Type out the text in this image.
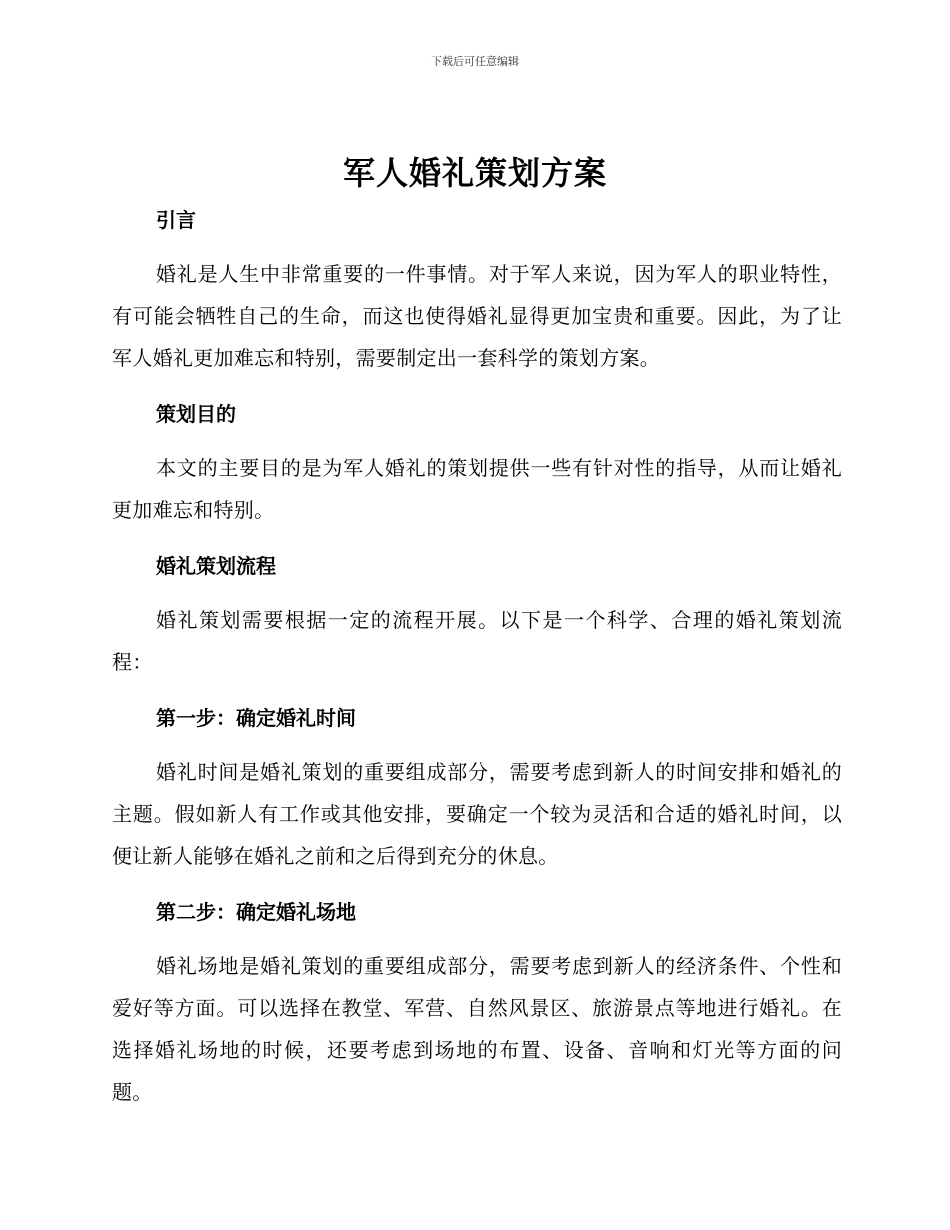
下载后可任意编辑
军人婚礼策划方案
引言
婚礼是人生中非常重要的一件事情。对于军人来说，因为军人的职业特性，有可能会牺牲自己的生命，而这也使得婚礼显得更加宝贵和重要。因此，为了让军人婚礼更加难忘和特别，需要制定出一套科学的策划方案。
策划目的
本文的主要目的是为军人婚礼的策划提供一些有针对性的指导，从而让婚礼更加难忘和特别。
婚礼策划流程
婚礼策划需要根据一定的流程开展。以下是一个科学、合理的婚礼策划流程：
第一步：确定婚礼时间
婚礼时间是婚礼策划的重要组成部分，需要考虑到新人的时间安排和婚礼的主题。假如新人有工作或其他安排，要确定一个较为灵活和合适的婚礼时间，以便让新人能够在婚礼之前和之后得到充分的休息。
第二步：确定婚礼场地
婚礼场地是婚礼策划的重要组成部分，需要考虑到新人的经济条件、个性和爱好等方面。可以选择在教堂、军营、自然风景区、旅游景点等地进行婚礼。在选择婚礼场地的时候，还要考虑到场地的布置、设备、音响和灯光等方面的问题。
